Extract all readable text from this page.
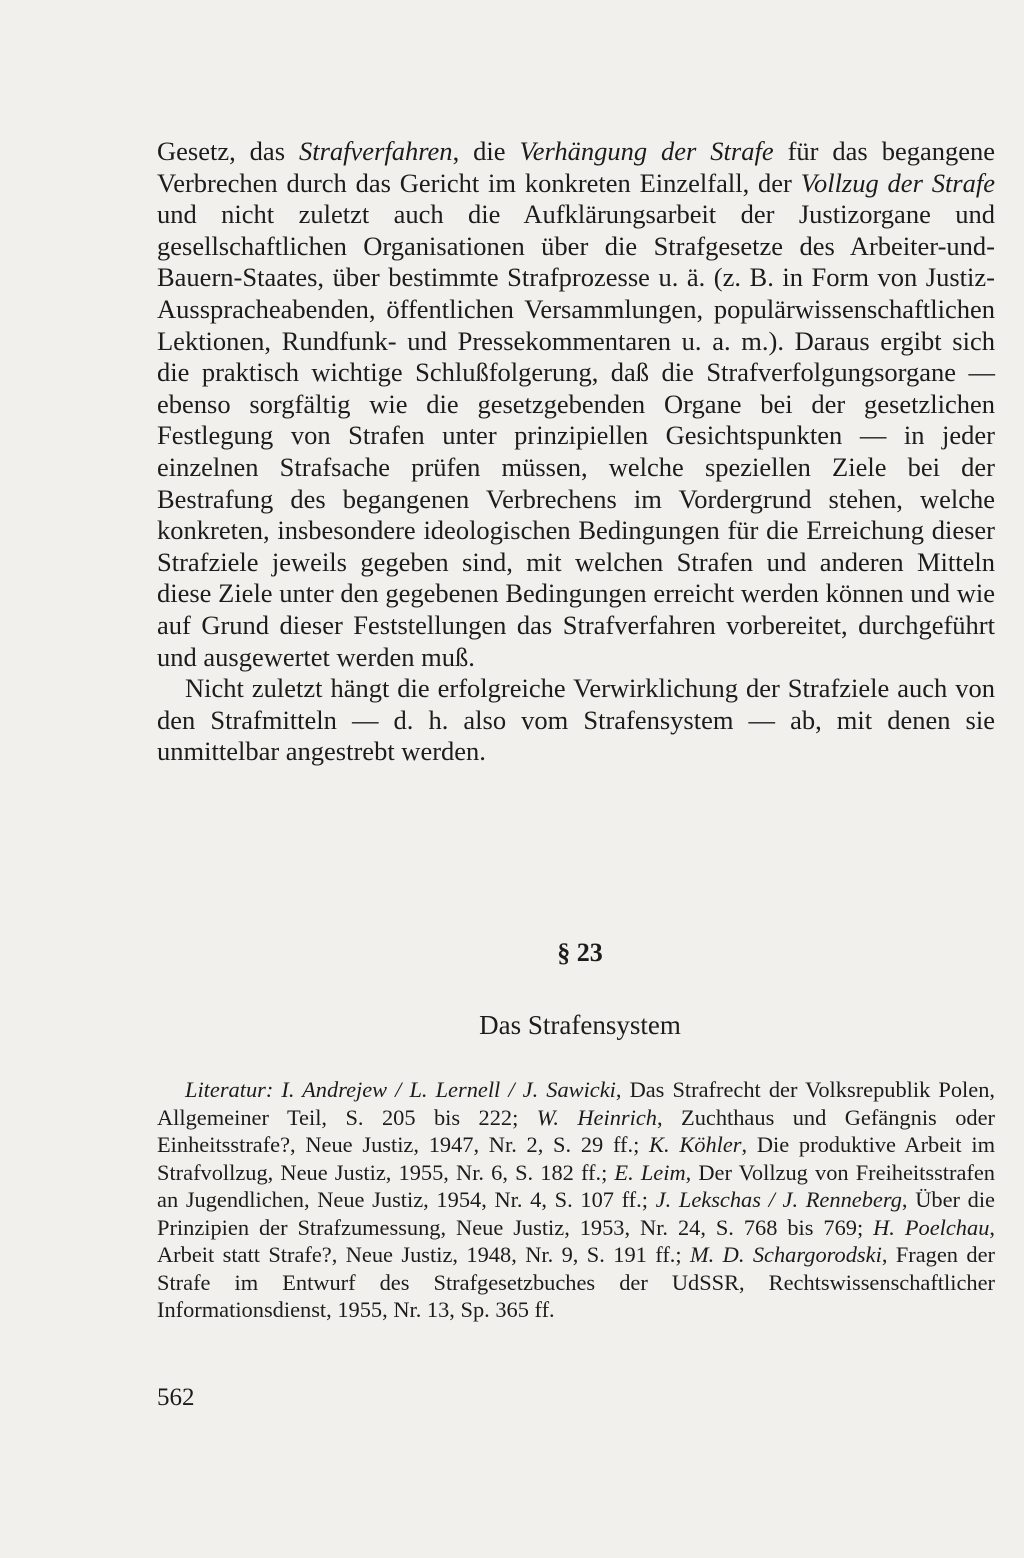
Gesetz, das Strafverfahren, die Verhängung der Strafe für das begangene Verbrechen durch das Gericht im konkreten Einzelfall, der Vollzug der Strafe und nicht zuletzt auch die Aufklärungsarbeit der Justizorgane und gesellschaftlichen Organisationen über die Strafgesetze des Arbeiter-und-Bauern-Staates, über bestimmte Strafprozesse u. ä. (z. B. in Form von Justiz-Ausspracheabenden, öffentlichen Versammlungen, populärwissenschaftlichen Lektionen, Rundfunk- und Pressekommentaren u. a. m.). Daraus ergibt sich die praktisch wichtige Schlußfolgerung, daß die Strafverfolgungsorgane — ebenso sorgfältig wie die gesetzgebenden Organe bei der gesetzlichen Festlegung von Strafen unter prinzipiellen Gesichtspunkten — in jeder einzelnen Strafsache prüfen müssen, welche speziellen Ziele bei der Bestrafung des begangenen Verbrechens im Vordergrund stehen, welche konkreten, insbesondere ideologischen Bedingungen für die Erreichung dieser Strafziele jeweils gegeben sind, mit welchen Strafen und anderen Mitteln diese Ziele unter den gegebenen Bedingungen erreicht werden können und wie auf Grund dieser Feststellungen das Strafverfahren vorbereitet, durchgeführt und ausgewertet werden muß.

Nicht zuletzt hängt die erfolgreiche Verwirklichung der Strafziele auch von den Strafmitteln — d. h. also vom Strafensystem — ab, mit denen sie unmittelbar angestrebt werden.

§ 23
Das Strafensystem

Literatur: I. Andrejew / L. Lernell / J. Sawicki, Das Strafrecht der Volksrepublik Polen, Allgemeiner Teil, S. 205 bis 222; W. Heinrich, Zuchthaus und Gefängnis oder Einheitsstrafe?, Neue Justiz, 1947, Nr. 2, S. 29 ff.; K. Köhler, Die produktive Arbeit im Strafvollzug, Neue Justiz, 1955, Nr. 6, S. 182 ff.; E. Leim, Der Vollzug von Freiheitsstrafen an Jugendlichen, Neue Justiz, 1954, Nr. 4, S. 107 ff.; J. Lekschas / J. Renneberg, Über die Prinzipien der Strafzumessung, Neue Justiz, 1953, Nr. 24, S. 768 bis 769; H. Poelchau, Arbeit statt Strafe?, Neue Justiz, 1948, Nr. 9, S. 191 ff.; M. D. Schargorodski, Fragen der Strafe im Entwurf des Strafgesetzbuches der UdSSR, Rechtswissenschaftlicher Informationsdienst, 1955, Nr. 13, Sp. 365 ff.

562
